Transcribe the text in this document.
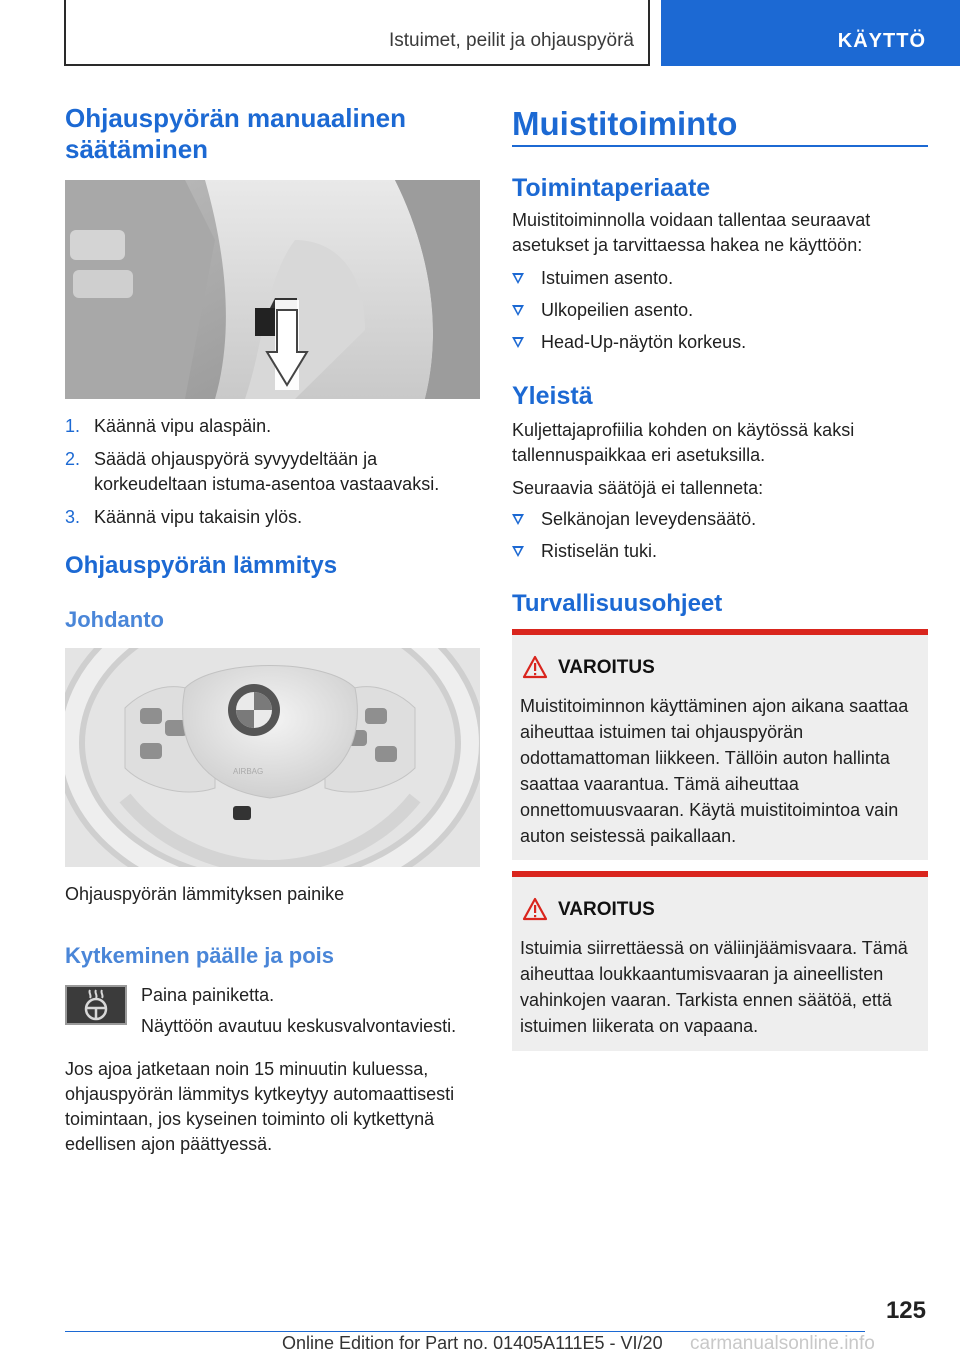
Istuimet, peilit ja ohjauspyörä	KÄYTTÖ
Ohjauspyörän manuaalinen säätäminen
1. Käännä vipu alaspäin.
2. Säädä ohjauspyörä syvyydeltään ja korkeudeltaan istuma-asentoa vastaavaksi.
3. Käännä vipu takaisin ylös.
Ohjauspyörän lämmitys
Johdanto
AIRBAG
Ohjauspyörän lämmityksen painike
Kytkeminen päälle ja pois
Paina painiketta.
Näyttöön avautuu keskusvalvontaviesti.
Jos ajoa jatketaan noin 15 minuutin kuluessa, ohjauspyörän lämmitys kytkeytyy automaattisesti toimintaan, jos kyseinen toiminto oli kytkettynä edellisen ajon päättyessä.
Muistitoiminto
Toimintaperiaate
Muistitoiminnolla voidaan tallentaa seuraavat asetukset ja tarvittaessa hakea ne käyttöön:
Istuimen asento.
Ulkopeilien asento.
Head-Up-näytön korkeus.
Yleistä
Kuljettajaprofiilia kohden on käytössä kaksi tallennuspaikkaa eri asetuksilla.
Seuraavia säätöjä ei tallenneta:
Selkänojan leveydensäätö.
Ristiselän tuki.
Turvallisuusohjeet
VAROITUS
Muistitoiminnon käyttäminen ajon aikana saattaa aiheuttaa istuimen tai ohjauspyörän odottamattoman liikkeen. Tällöin auton hallinta saattaa vaarantua. Tämä aiheuttaa onnettomuusvaaran. Käytä muistitoimintoa vain auton seistessä paikallaan.
VAROITUS
Istuimia siirrettäessä on väliinjäämisvaara. Tämä aiheuttaa loukkaantumisvaaran ja aineellisten vahinkojen vaaran. Tarkista ennen säätöä, että istuimen liikerata on vapaana.
125
Online Edition for Part no. 01405A111E5 - VI/20 carmanualsonline.info
